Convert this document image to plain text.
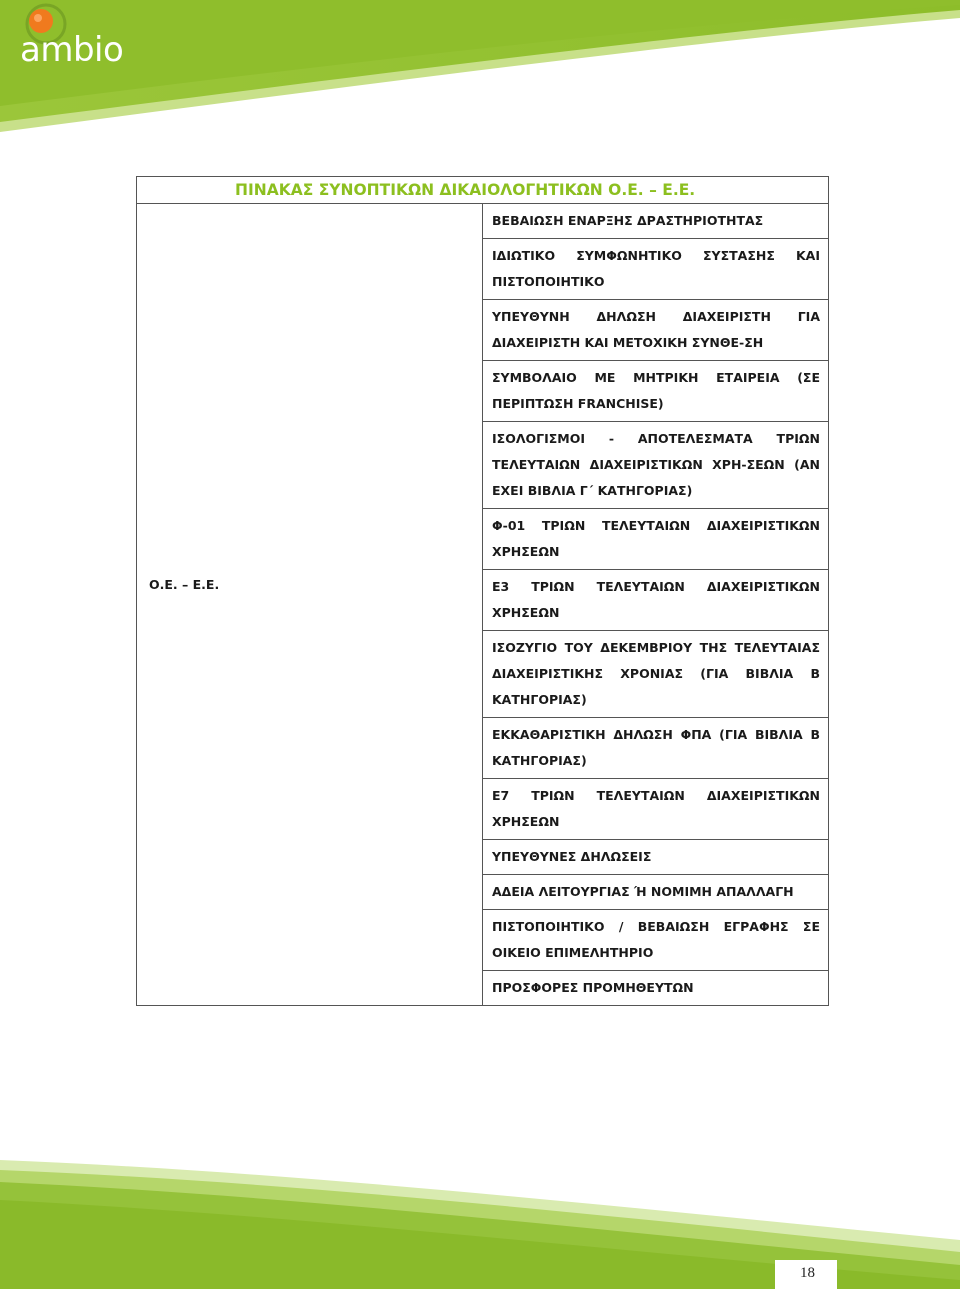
ambio
ΠΙΝΑΚΑΣ ΣΥΝΟΠΤΙΚΩΝ ΔΙΚΑΙΟΛΟΓΗΤΙΚΩΝ Ο.Ε. – Ε.Ε.

Ο.Ε. – Ε.Ε.
	ΒΕΒΑΙΩΣΗ ΕΝΑΡΞΗΣ ΔΡΑΣΤΗΡΙΟΤΗΤΑΣ
ΙΔΙΩΤΙΚΟ ΣΥΜΦΩΝΗΤΙΚΟ ΣΥΣΤΑΣΗΣ ΚΑΙ ΠΙΣΤΟΠΟΙΗΤΙΚΟ
ΥΠΕΥΘΥΝΗ ΔΗΛΩΣΗ ΔΙΑΧΕΙΡΙΣΤΗ ΓΙΑ ΔΙΑΧΕΙΡΙΣΤΗ ΚΑΙ ΜΕΤΟΧΙΚΗ ΣΥΝΘΕ-ΣΗ
ΣΥΜΒΟΛΑΙΟ ΜΕ ΜΗΤΡΙΚΗ ΕΤΑΙΡΕΙΑ (ΣΕ ΠΕΡΙΠΤΩΣΗ FRANCHISE)
ΙΣΟΛΟΓΙΣΜΟΙ - ΑΠΟΤΕΛΕΣΜΑΤΑ ΤΡΙΩΝ ΤΕΛΕΥΤΑΙΩΝ ΔΙΑΧΕΙΡΙΣΤΙΚΩΝ ΧΡΗ-ΣΕΩΝ (ΑΝ ΕΧΕΙ ΒΙΒΛΙΑ Γ΄ ΚΑΤΗΓΟΡΙΑΣ)
Φ-01 ΤΡΙΩΝ ΤΕΛΕΥΤΑΙΩΝ ΔΙΑΧΕΙΡΙΣΤΙΚΩΝ ΧΡΗΣΕΩΝ
Ε3 ΤΡΙΩΝ ΤΕΛΕΥΤΑΙΩΝ ΔΙΑΧΕΙΡΙΣΤΙΚΩΝ ΧΡΗΣΕΩΝ
ΙΣΟΖΥΓΙΟ ΤΟΥ ΔΕΚΕΜΒΡΙΟΥ ΤΗΣ ΤΕΛΕΥΤΑΙΑΣ ΔΙΑΧΕΙΡΙΣΤΙΚΗΣ ΧΡΟΝΙΑΣ (ΓΙΑ ΒΙΒΛΙΑ Β ΚΑΤΗΓΟΡΙΑΣ)
ΕΚΚΑΘΑΡΙΣΤΙΚΗ ΔΗΛΩΣΗ ΦΠΑ (ΓΙΑ ΒΙΒΛΙΑ Β ΚΑΤΗΓΟΡΙΑΣ)
Ε7 ΤΡΙΩΝ ΤΕΛΕΥΤΑΙΩΝ ΔΙΑΧΕΙΡΙΣΤΙΚΩΝ ΧΡΗΣΕΩΝ
ΥΠΕΥΘΥΝΕΣ ΔΗΛΩΣΕΙΣ
ΑΔΕΙΑ ΛΕΙΤΟΥΡΓΙΑΣ Ή ΝΟΜΙΜΗ ΑΠΑΛΛΑΓΗ
ΠΙΣΤΟΠΟΙΗΤΙΚΟ / ΒΕΒΑΙΩΣΗ ΕΓΡΑΦΗΣ ΣΕ ΟΙΚΕΙΟ ΕΠΙΜΕΛΗΤΗΡΙΟ
ΠΡΟΣΦΟΡΕΣ ΠΡΟΜΗΘΕΥΤΩΝ
18
